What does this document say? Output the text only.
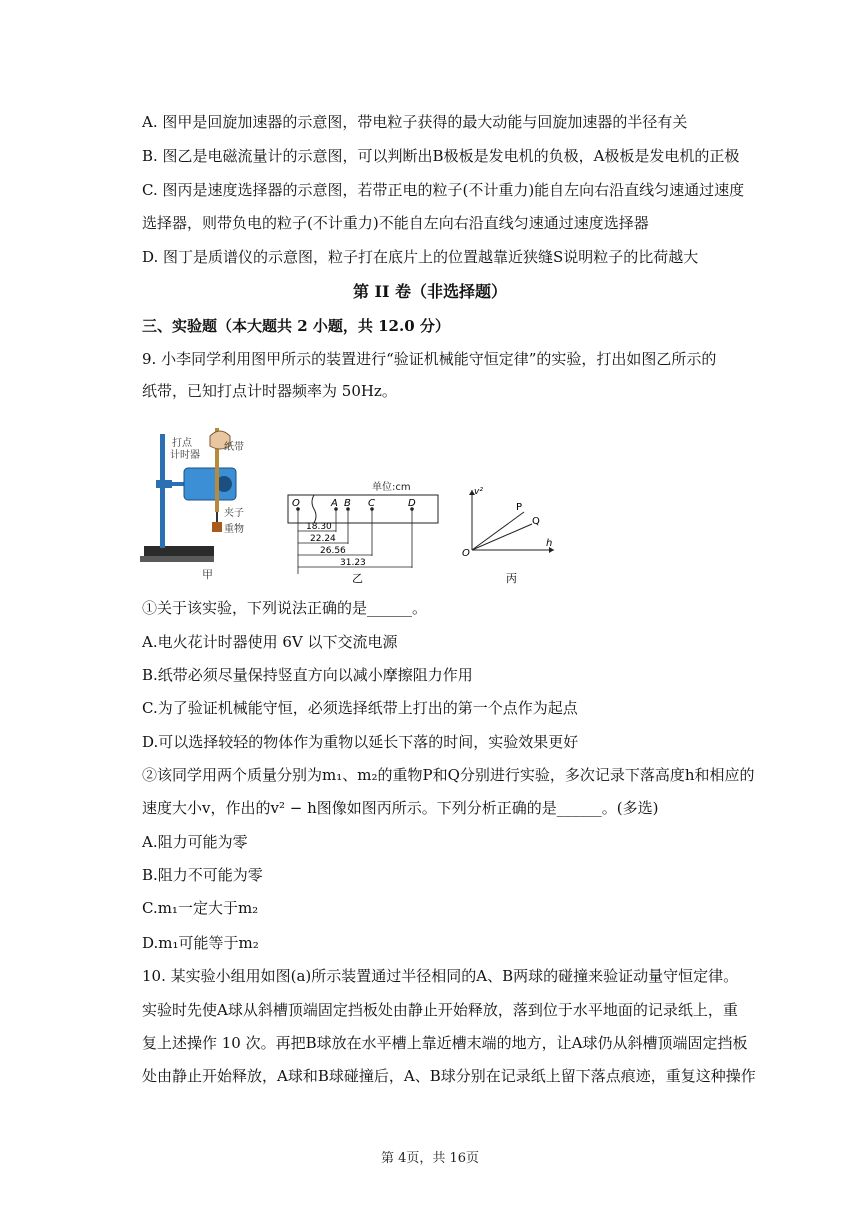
A. 图甲是回旋加速器的示意图，带电粒子获得的最大动能与回旋加速器的半径有关
B. 图乙是电磁流量计的示意图，可以判断出B极板是发电机的负极，A极板是发电机的正极
C. 图丙是速度选择器的示意图，若带正电的粒子(不计重力)能自左向右沿直线匀速通过速度
选择器，则带负电的粒子(不计重力)不能自左向右沿直线匀速通过速度选择器
D. 图丁是质谱仪的示意图，粒子打在底片上的位置越靠近狭缝S说明粒子的比荷越大
第 II 卷（非选择题）
三、实验题（本大题共 2 小题，共 12.0 分）
9. 小李同学利用图甲所示的装置进行“验证机械能守恒定律”的实验，打出如图乙所示的
纸带，已知打点计时器频率为 50Hz。
打点
计时器
纸带
夹子
重物
甲
单位:cm
O	A B C	D
18.30
22.24
26.56
31.23
乙
v²
h
O
P
Q
丙
①关于该实验，下列说法正确的是______。
A.电火花计时器使用 6V 以下交流电源
B.纸带必须尽量保持竖直方向以减小摩擦阻力作用
C.为了验证机械能守恒，必须选择纸带上打出的第一个点作为起点
D.可以选择较轻的物体作为重物以延长下落的时间，实验效果更好
②该同学用两个质量分别为m₁、m₂的重物P和Q分别进行实验，多次记录下落高度h和相应的
速度大小v，作出的v² − h图像如图丙所示。下列分析正确的是______。(多选)
A.阻力可能为零
B.阻力不可能为零
C.m₁一定大于m₂
D.m₁可能等于m₂
10. 某实验小组用如图(a)所示装置通过半径相同的A、B两球的碰撞来验证动量守恒定律。
实验时先使A球从斜槽顶端固定挡板处由静止开始释放，落到位于水平地面的记录纸上，重
复上述操作 10 次。再把B球放在水平槽上靠近槽末端的地方，让A球仍从斜槽顶端固定挡板
处由静止开始释放，A球和B球碰撞后，A、B球分别在记录纸上留下落点痕迹，重复这种操作
第 4页，共 16页
